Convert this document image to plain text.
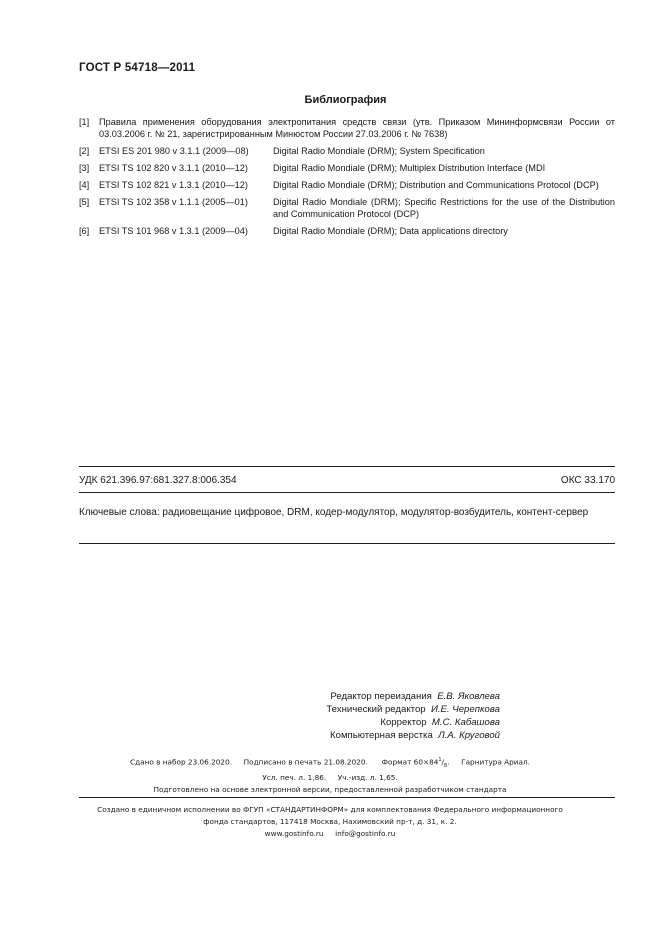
ГОСТ Р 54718—2011
Библиография
[1]	Правила применения оборудования электропитания средств связи (утв. Приказом Мининформсвязи России от 03.03.2006 г. № 21, зарегистрированным Минюстом России 27.03.2006 г. № 7638)
[2]	ETSI ES 201 980 v 3.1.1 (2009—08)	Digital Radio Mondiale (DRM); System Specification
[3]	ETSI TS 102 820 v 3.1.1 (2010—12)	Digital Radio Mondiale (DRM); Multiplex Distribution Interface (MDI
[4]	ETSI TS 102 821 v 1.3.1 (2010—12)	Digital Radio Mondiale (DRM); Distribution and Communications Protocol (DCP)
[5]	ETSI TS 102 358 v 1.1.1 (2005—01)	Digital Radio Mondiale (DRM); Specific Restrictions for the use of the Distribution and Communication Protocol (DCP)
[6]	ETSI TS 101 968 v 1.3.1 (2009—04)	Digital Radio Mondiale (DRM); Data applications directory
УДК 621.396.97:681.327.8:006.354	ОКС 33.170
Ключевые слова: радиовещание цифровое, DRM, кодер-модулятор, модулятор-возбудитель, контент-сервер
Редактор переиздания Е.В. Яковлева
Технический редактор И.Е. Черепкова
Корректор М.С. Кабашова
Компьютерная верстка Л.А. Круговой
Сдано в набор 23.06.2020. Подписано в печать 21.08.2020. Формат $60\times 84^1/_8$.     Гарнитура Ариал.
Усл. печ. л. 1,86. Уч.-изд. л. 1,65.
Подготовлено на основе электронной версии, предоставленной разработчиком стандарта
Создано в единичном исполнении во ФГУП «СТАНДАРТИНФОРМ» для комплектования Федерального информационного
фонда стандартов, 117418 Москва, Нахимовский пр-т, д. 31, к. 2.
www.gostinfo.ru info@gostinfo.ru
